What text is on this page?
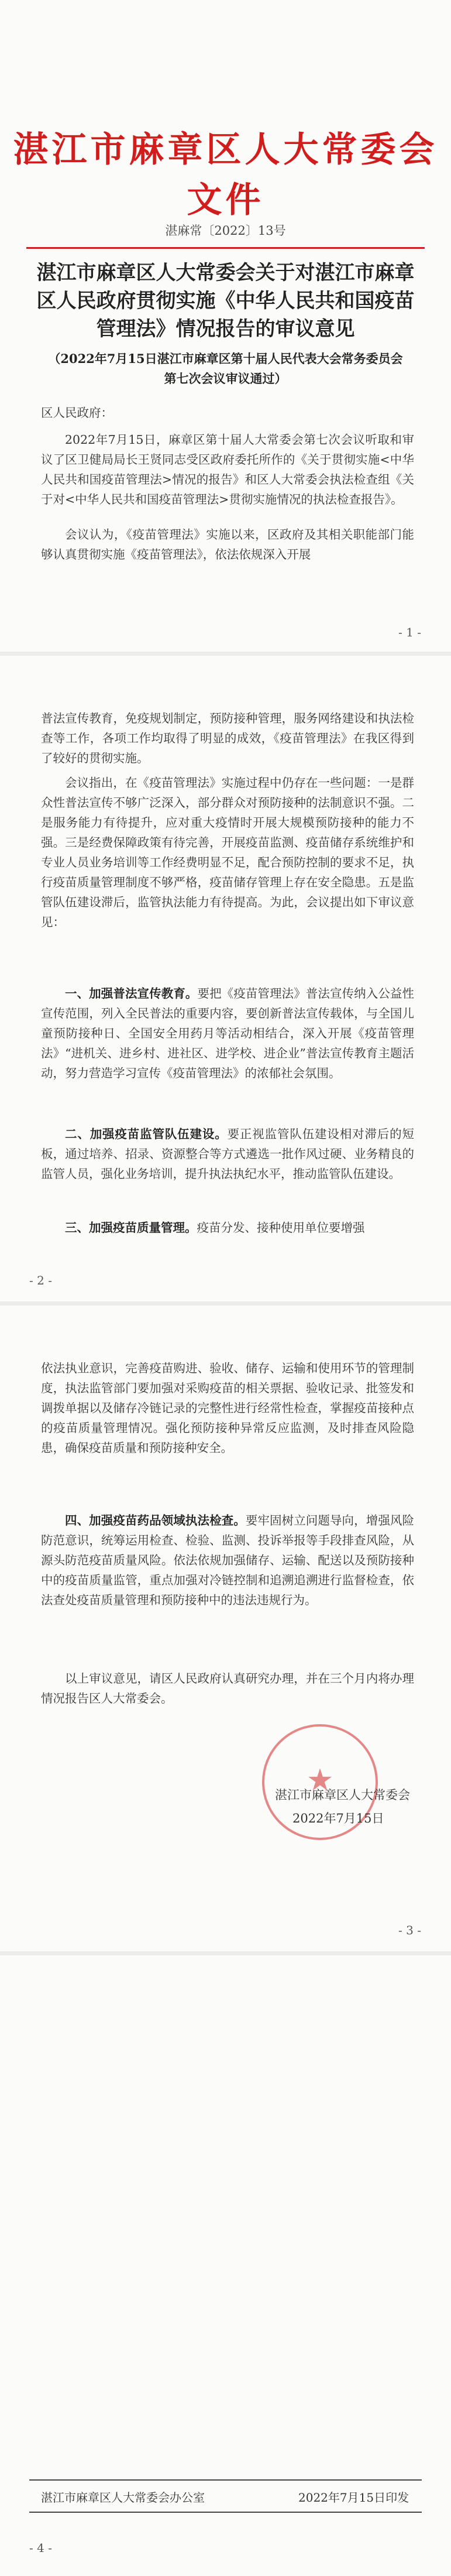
湛江市麻章区人大常委会文件
湛麻常〔2022〕13号
湛江市麻章区人大常委会关于对湛江市麻章区人民政府贯彻实施《中华人民共和国疫苗管理法》情况报告的审议意见
（2022年7月15日湛江市麻章区第十届人民代表大会常务委员会第七次会议审议通过）

区人民政府：

2022年7月15日，麻章区第十届人大常委会第七次会议听取和审议了区卫健局局长王贤同志受区政府委托所作的《关于贯彻实施<中华人民共和国疫苗管理法>情况的报告》和区人大常委会执法检查组《关于对<中华人民共和国疫苗管理法>贯彻实施情况的执法检查报告》。

会议认为，《疫苗管理法》实施以来，区政府及其相关职能部门能够认真贯彻实施《疫苗管理法》，依法依规深入开展

- 1 -

普法宣传教育，免疫规划制定，预防接种管理，服务网络建设和执法检查等工作，各项工作均取得了明显的成效，《疫苗管理法》在我区得到了较好的贯彻实施。

会议指出，在《疫苗管理法》实施过程中仍存在一些问题：一是群众性普法宣传不够广泛深入，部分群众对预防接种的法制意识不强。二是服务能力有待提升，应对重大疫情时开展大规模预防接种的能力不强。三是经费保障政策有待完善，开展疫苗监测、疫苗储存系统维护和专业人员业务培训等工作经费明显不足，配合预防控制的要求不足，执行疫苗质量管理制度不够严格，疫苗储存管理上存在安全隐患。五是监管队伍建设滞后，监管执法能力有待提高。为此，会议提出如下审议意见：

一、加强普法宣传教育。要把《疫苗管理法》普法宣传纳入公益性宣传范围，列入全民普法的重要内容，要创新普法宣传载体，与全国儿童预防接种日、全国安全用药月等活动相结合，深入开展《疫苗管理法》“进机关、进乡村、进社区、进学校、进企业”普法宣传教育主题活动，努力营造学习宣传《疫苗管理法》的浓郁社会氛围。

二、加强疫苗监管队伍建设。要正视监管队伍建设相对滞后的短板，通过培养、招录、资源整合等方式遴选一批作风过硬、业务精良的监管人员，强化业务培训，提升执法执纪水平，推动监管队伍建设。

三、加强疫苗质量管理。疫苗分发、接种使用单位要增强

- 2 -

依法执业意识，完善疫苗购进、验收、储存、运输和使用环节的管理制度，执法监管部门要加强对采购疫苗的相关票据、验收记录、批签发和调拨单据以及储存冷链记录的完整性进行经常性检查，掌握疫苗接种点的疫苗质量管理情况。强化预防接种异常反应监测，及时排查风险隐患，确保疫苗质量和预防接种安全。

四、加强疫苗药品领域执法检查。要牢固树立问题导向，增强风险防范意识，统筹运用检查、检验、监测、投诉举报等手段排查风险，从源头防范疫苗质量风险。依法依规加强储存、运输、配送以及预防接种中的疫苗质量监管，重点加强对冷链控制和追溯追溯进行监督检查，依法查处疫苗质量管理和预防接种中的违法违规行为。

以上审议意见，请区人民政府认真研究办理，并在三个月内将办理情况报告区人大常委会。

- 3 -
★
湛江市麻章区人大常委会
2022年7月15日
湛江市麻章区人大常委会办公室	2022年7月15日印发
- 4 -
